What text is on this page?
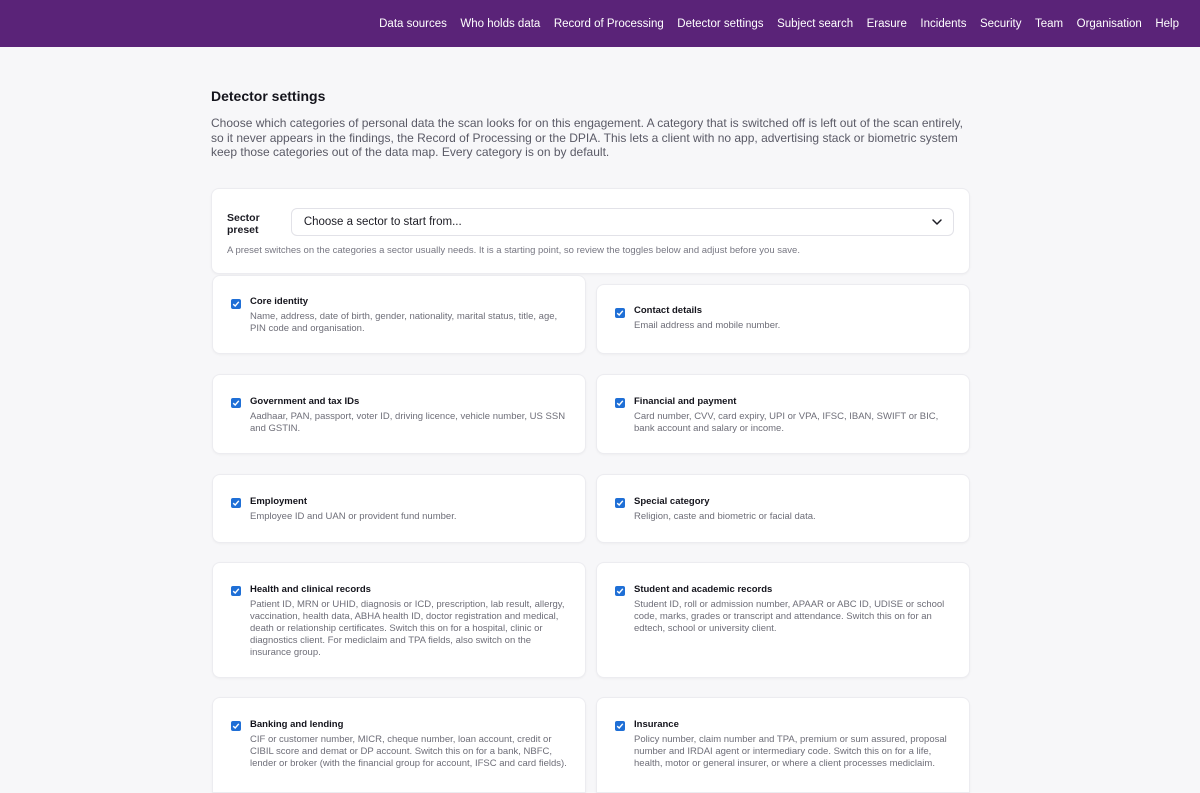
Data sources Who holds data Record of Processing Detector settings Subject search Erasure Incidents Security Team Organisation Help
Detector settings

Choose which categories of personal data the scan looks for on this engagement. A category that is switched off is left out of the scan entirely, so it never appears in the findings, the Record of Processing or the DPIA. This lets a client with no app, advertising stack or biometric system keep those categories out of the data map. Every category is on by default.

Sector preset
Choose a sector to start from...
A preset switches on the categories a sector usually needs. It is a starting point, so review the toggles below and adjust before you save.
Core identity
Name, address, date of birth, gender, nationality, marital status, title, age, PIN code and organisation.
Contact details
Email address and mobile number.
Government and tax IDs
Aadhaar, PAN, passport, voter ID, driving licence, vehicle number, US SSN and GSTIN.
Financial and payment
Card number, CVV, card expiry, UPI or VPA, IFSC, IBAN, SWIFT or BIC, bank account and salary or income.
Employment
Employee ID and UAN or provident fund number.
Special category
Religion, caste and biometric or facial data.
Health and clinical records
Patient ID, MRN or UHID, diagnosis or ICD, prescription, lab result, allergy, vaccination, health data, ABHA health ID, doctor registration and medical, death or relationship certificates. Switch this on for a hospital, clinic or diagnostics client. For mediclaim and TPA fields, also switch on the insurance group.
Student and academic records
Student ID, roll or admission number, APAAR or ABC ID, UDISE or school code, marks, grades or transcript and attendance. Switch this on for an edtech, school or university client.
Banking and lending
CIF or customer number, MICR, cheque number, loan account, credit or CIBIL score and demat or DP account. Switch this on for a bank, NBFC, lender or broker (with the financial group for account, IFSC and card fields).
Insurance
Policy number, claim number and TPA, premium or sum assured, proposal number and IRDAI agent or intermediary code. Switch this on for a life, health, motor or general insurer, or where a client processes mediclaim.
